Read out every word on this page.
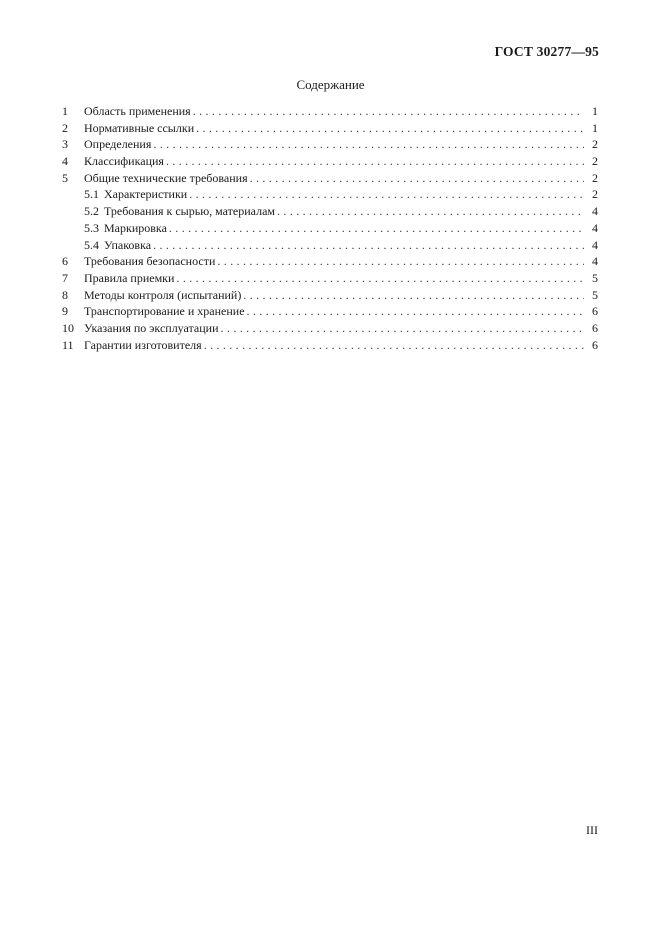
ГОСТ 30277—95
Содержание
1	Область применения . . .	1
2	Нормативные ссылки . . .	1
3	Определения . . .	2
4	Классификация . . .	2
5	Общие технические требования . . .	2
5.1 Характеристики . . .	2
5.2 Требования к сырью, материалам . . .	4
5.3 Маркировка . . .	4
5.4 Упаковка . . .	4
6	Требования безопасности . . .	4
7	Правила приемки . . .	5
8	Методы контроля (испытаний) . . .	5
9	Транспортирование и хранение . . .	6
10 Указания по эксплуатации . . .	6
11 Гарантии изготовителя . . .	6
III
